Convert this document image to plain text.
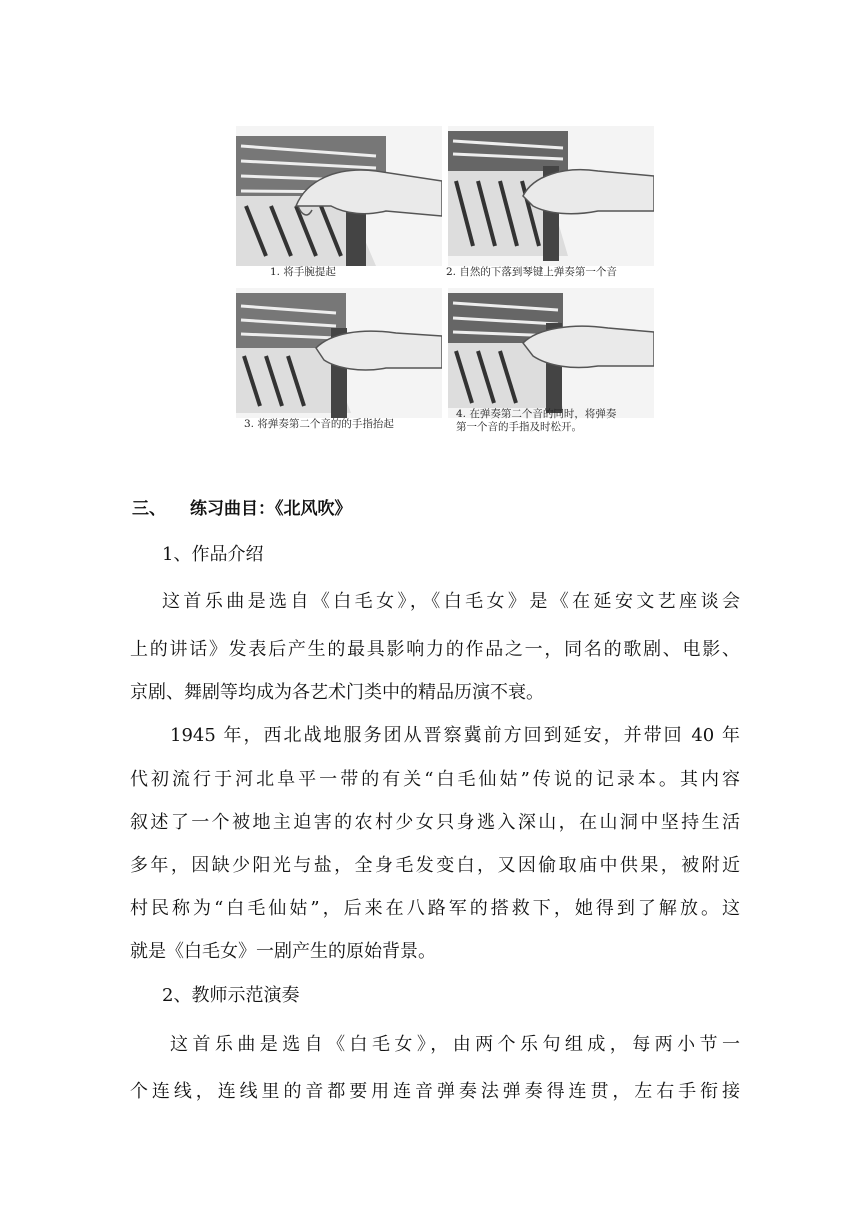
1. 将手腕提起	2. 自然的下落到琴键上弹奏第一个音
3. 将弹奏第二个音的的手指抬起
4. 在弹奏第二个音的同时，将弹奏
第一个音的手指及时松开。
三、 练习曲目：《北风吹》
1、作品介绍
这首乐曲是选自《白毛女》，《白毛女》是《在延安文艺座谈会
上的讲话》发表后产生的最具影响力的作品之一，同名的歌剧、电影、
京剧、舞剧等均成为各艺术门类中的精品历演不衰。
1945 年，西北战地服务团从晋察冀前方回到延安，并带回 40 年
代初流行于河北阜平一带的有关“白毛仙姑”传说的记录本。其内容
叙述了一个被地主迫害的农村少女只身逃入深山，在山洞中坚持生活
多年，因缺少阳光与盐，全身毛发变白，又因偷取庙中供果，被附近
村民称为“白毛仙姑”，后来在八路军的搭救下，她得到了解放。这
就是《白毛女》一剧产生的原始背景。
2、教师示范演奏
这首乐曲是选自《白毛女》，由两个乐句组成，每两小节一
个连线，连线里的音都要用连音弹奏法弹奏得连贯，左右手衔接
